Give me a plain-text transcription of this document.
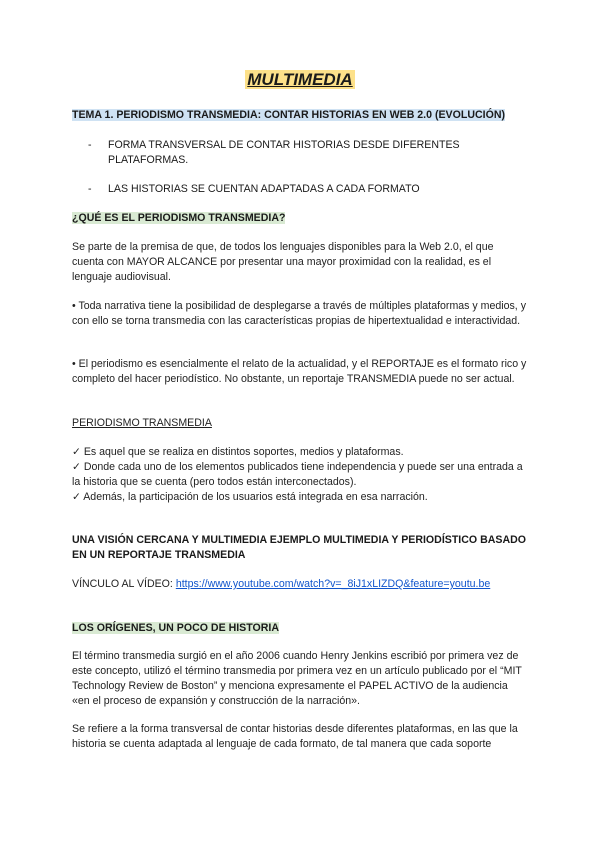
MULTIMEDIA
TEMA 1. PERIODISMO TRANSMEDIA: CONTAR HISTORIAS EN WEB 2.0 (EVOLUCIÓN)
- FORMA TRANSVERSAL DE CONTAR HISTORIAS DESDE DIFERENTES PLATAFORMAS.
- LAS HISTORIAS SE CUENTAN ADAPTADAS A CADA FORMATO
¿QUÉ ES EL PERIODISMO TRANSMEDIA?

Se parte de la premisa de que, de todos los lenguajes disponibles para la Web 2.0, el que cuenta con MAYOR ALCANCE por presentar una mayor proximidad con la realidad, es el lenguaje audiovisual.

• Toda narrativa tiene la posibilidad de desplegarse a través de múltiples plataformas y medios, y con ello se torna transmedia con las características propias de hipertextualidad e interactividad.

• El periodismo es esencialmente el relato de la actualidad, y el REPORTAJE es el formato rico y completo del hacer periodístico. No obstante, un reportaje TRANSMEDIA puede no ser actual.

PERIODISMO TRANSMEDIA

✓ Es aquel que se realiza en distintos soportes, medios y plataformas.

✓ Donde cada uno de los elementos publicados tiene independencia y puede ser una entrada a la historia que se cuenta (pero todos están interconectados).

✓ Además, la participación de los usuarios está integrada en esa narración.

UNA VISIÓN CERCANA Y MULTIMEDIA EJEMPLO MULTIMEDIA Y PERIODÍSTICO BASADO EN UN REPORTAJE TRANSMEDIA
VÍNCULO AL VÍDEO: https://www.youtube.com/watch?v=_8iJ1xLIZDQ&feature=youtu.be
LOS ORÍGENES, UN POCO DE HISTORIA

El término transmedia surgió en el año 2006 cuando Henry Jenkins escribió por primera vez de este concepto, utilizó el término transmedia por primera vez en un artículo publicado por el “MIT Technology Review de Boston” y menciona expresamente el PAPEL ACTIVO de la audiencia «en el proceso de expansión y construcción de la narración».

Se refiere a la forma transversal de contar historias desde diferentes plataformas, en las que la historia se cuenta adaptada al lenguaje de cada formato, de tal manera que cada soporte
